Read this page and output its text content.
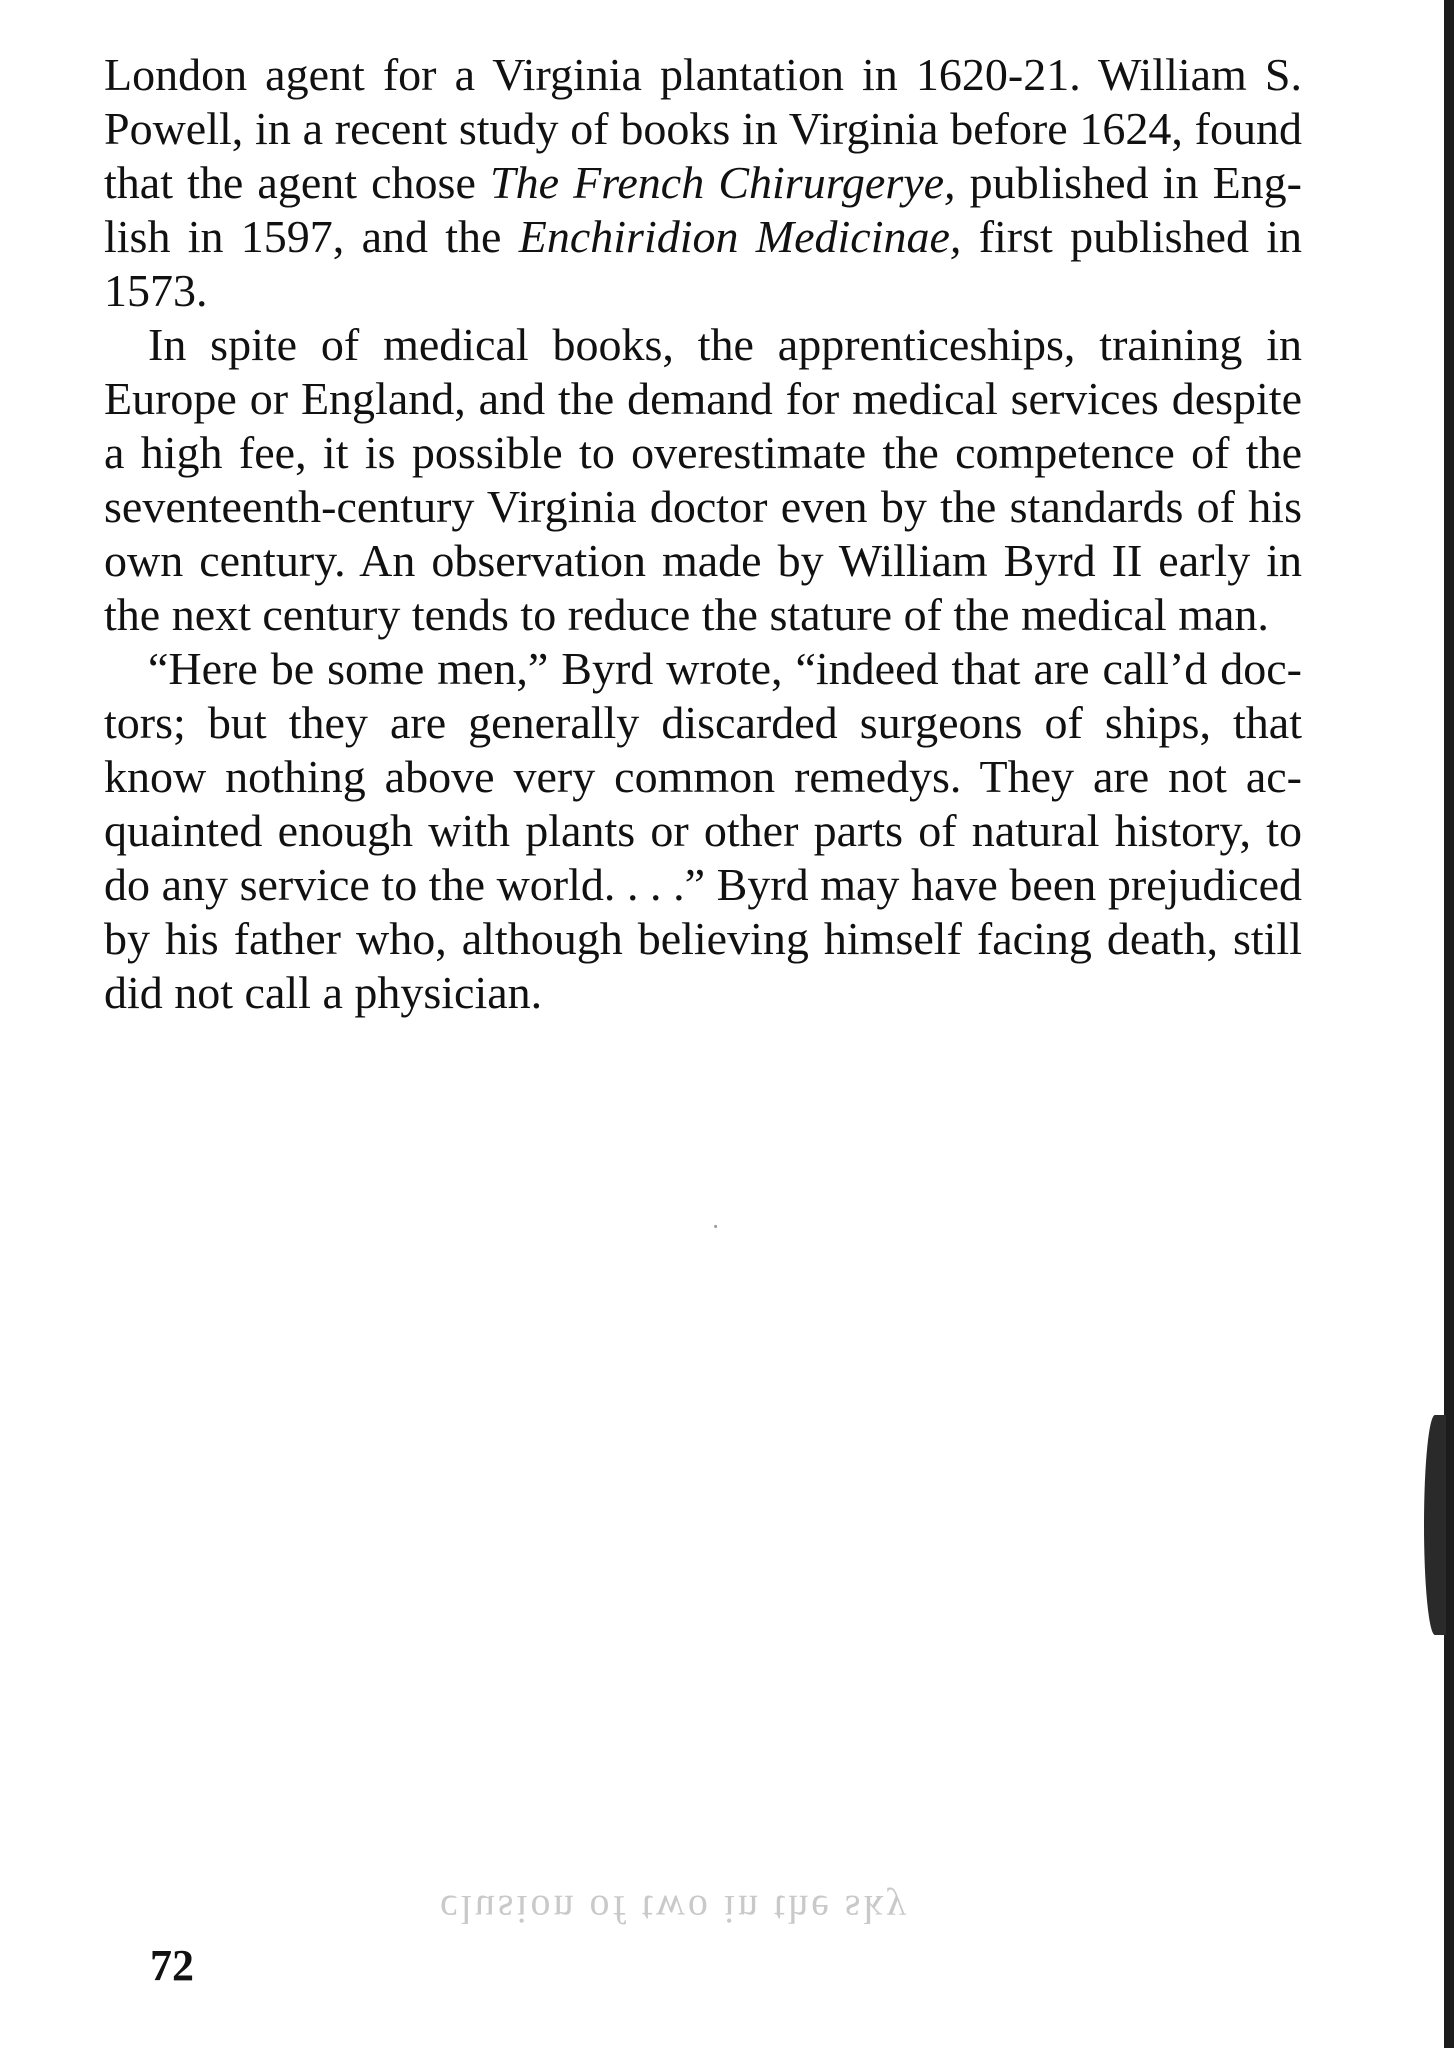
London agent for a Virginia plantation in 1620-21. William S. Powell, in a recent study of books in Virginia before 1624, found that the agent chose The French Chirurgerye, published in English in 1597, and the Enchiridion Medicinae, first published in 1573.

In spite of medical books, the apprenticeships, training in Europe or England, and the demand for medical services despite a high fee, it is possible to overestimate the competence of the seventeenth-century Virginia doctor even by the standards of his own century. An observation made by William Byrd II early in the next century tends to reduce the stature of the medical man.

“Here be some men,” Byrd wrote, “indeed that are call’d doctors; but they are generally discarded surgeons of ships, that know nothing above very common remedys. They are not acquainted enough with plants or other parts of natural history, to do any service to the world. . . .” Byrd may have been prejudiced by his father who, although believing himself facing death, still did not call a physician.

clusion of two in the sky
72
·
